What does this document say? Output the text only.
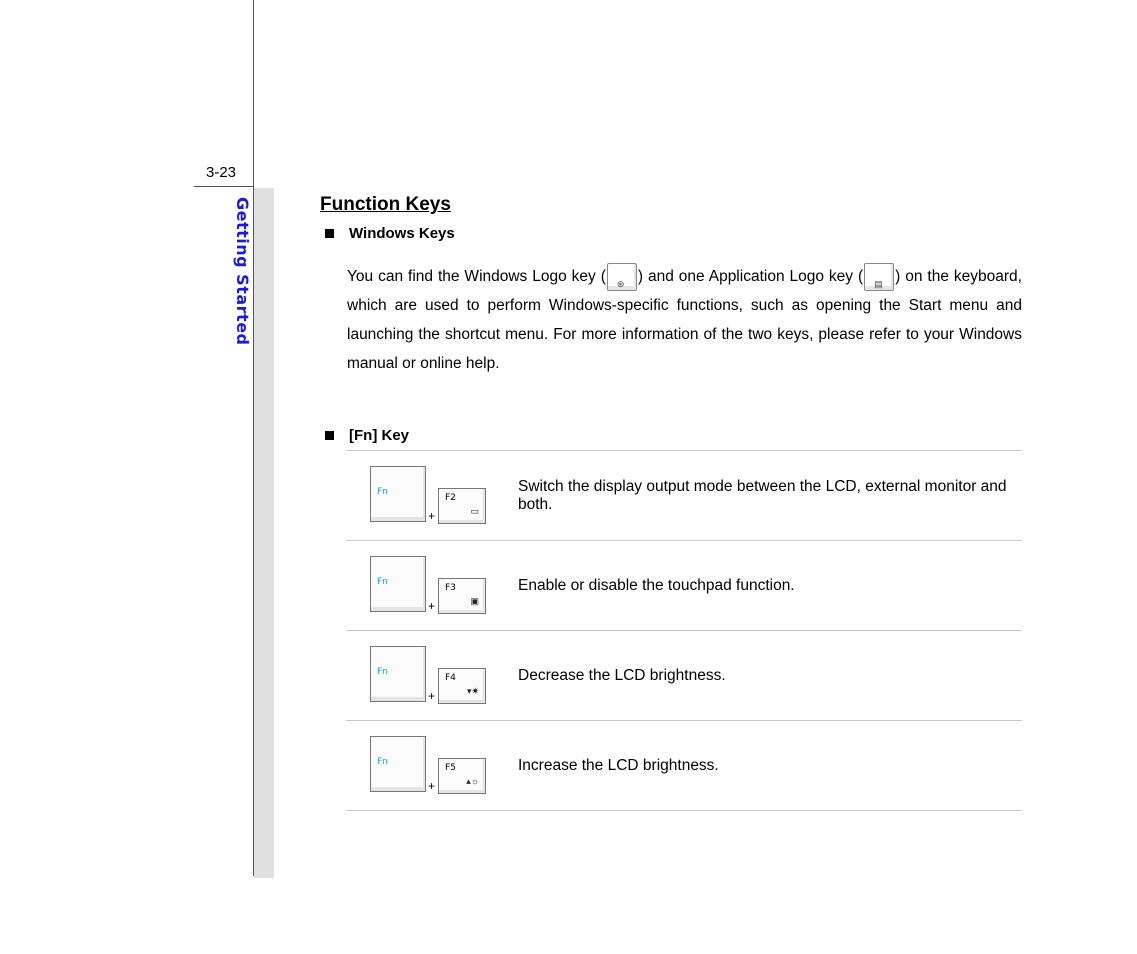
3-23
Getting Started	Function Keys
Windows Keys
You can find the Windows Logo key ( ⊛ ) and one Application Logo key ( ▤ ) on the keyboard, which are used to perform Windows-specific functions, such as opening the Start menu and launching the shortcut menu. For more information of the two keys, please refer to your Windows manual or online help.
[Fn] Key
Fn
+
F2
▭
Switch the display output mode between the LCD, external monitor and both.
Fn
+
F3
▣
Enable or disable the touchpad function.
Fn
+
F4
▾✷
Decrease the LCD brightness.
Fn
+
F5
▴☼
Increase the LCD brightness.
